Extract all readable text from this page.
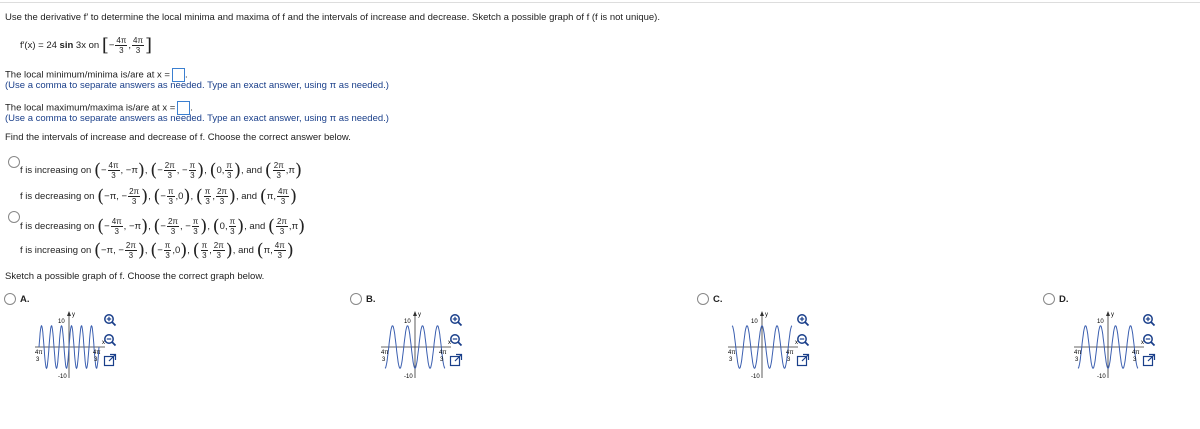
Use the derivative f′ to determine the local minima and maxima of f and the intervals of increase and decrease. Sketch a possible graph of f (f is not unique).
f′(x) = 24 sin 3x on [− $\frac{4\pi}{3}$ , $\frac{4\pi}{3}$ ]
The local minimum/minima is/are at x = .
(Use a comma to separate answers as needed. Type an exact answer, using π as needed.)
The local maximum/maxima is/are at x = .
(Use a comma to separate answers as needed. Type an exact answer, using π as needed.)
Find the intervals of increase and decrease of f. Choose the correct answer below.
f is increasing on (− $\frac{4\pi}{3}$ , −π), (− $\frac{2\pi}{3}$ , − $\frac{\pi}{3}$ ), (0, $\frac{\pi}{3}$ ), and ( $\frac{2\pi}{3} ,\pi$)
f is decreasing on (−π, − $\frac{2\pi}{3}$ ), (− $\frac{\pi}{3} ,0$), ( $\frac{\pi}{3}$ , $\frac{2\pi}{3}$ ), and (π, $\frac{4\pi}{3}$ )
f is decreasing on (− $\frac{4\pi}{3}$ , −π), (− $\frac{2\pi}{3}$ , − $\frac{\pi}{3}$ ), (0, $\frac{\pi}{3}$ ), and ( $\frac{2\pi}{3} ,\pi$)
f is increasing on (−π, − $\frac{2\pi}{3}$ ), (− $\frac{\pi}{3} ,0$), ( $\frac{\pi}{3}$ , $\frac{2\pi}{3}$ ), and (π, $\frac{4\pi}{3}$ )
Sketch a possible graph of f. Choose the correct graph below.
A.
y
x
10
-10
4π
3
4π
3
B.
y
x
10
-10
4π
3
4π
3
C.
y
x
10
-10
4π
3
4π
3
D.
y
x
10
-10
4π
3
4π
3
